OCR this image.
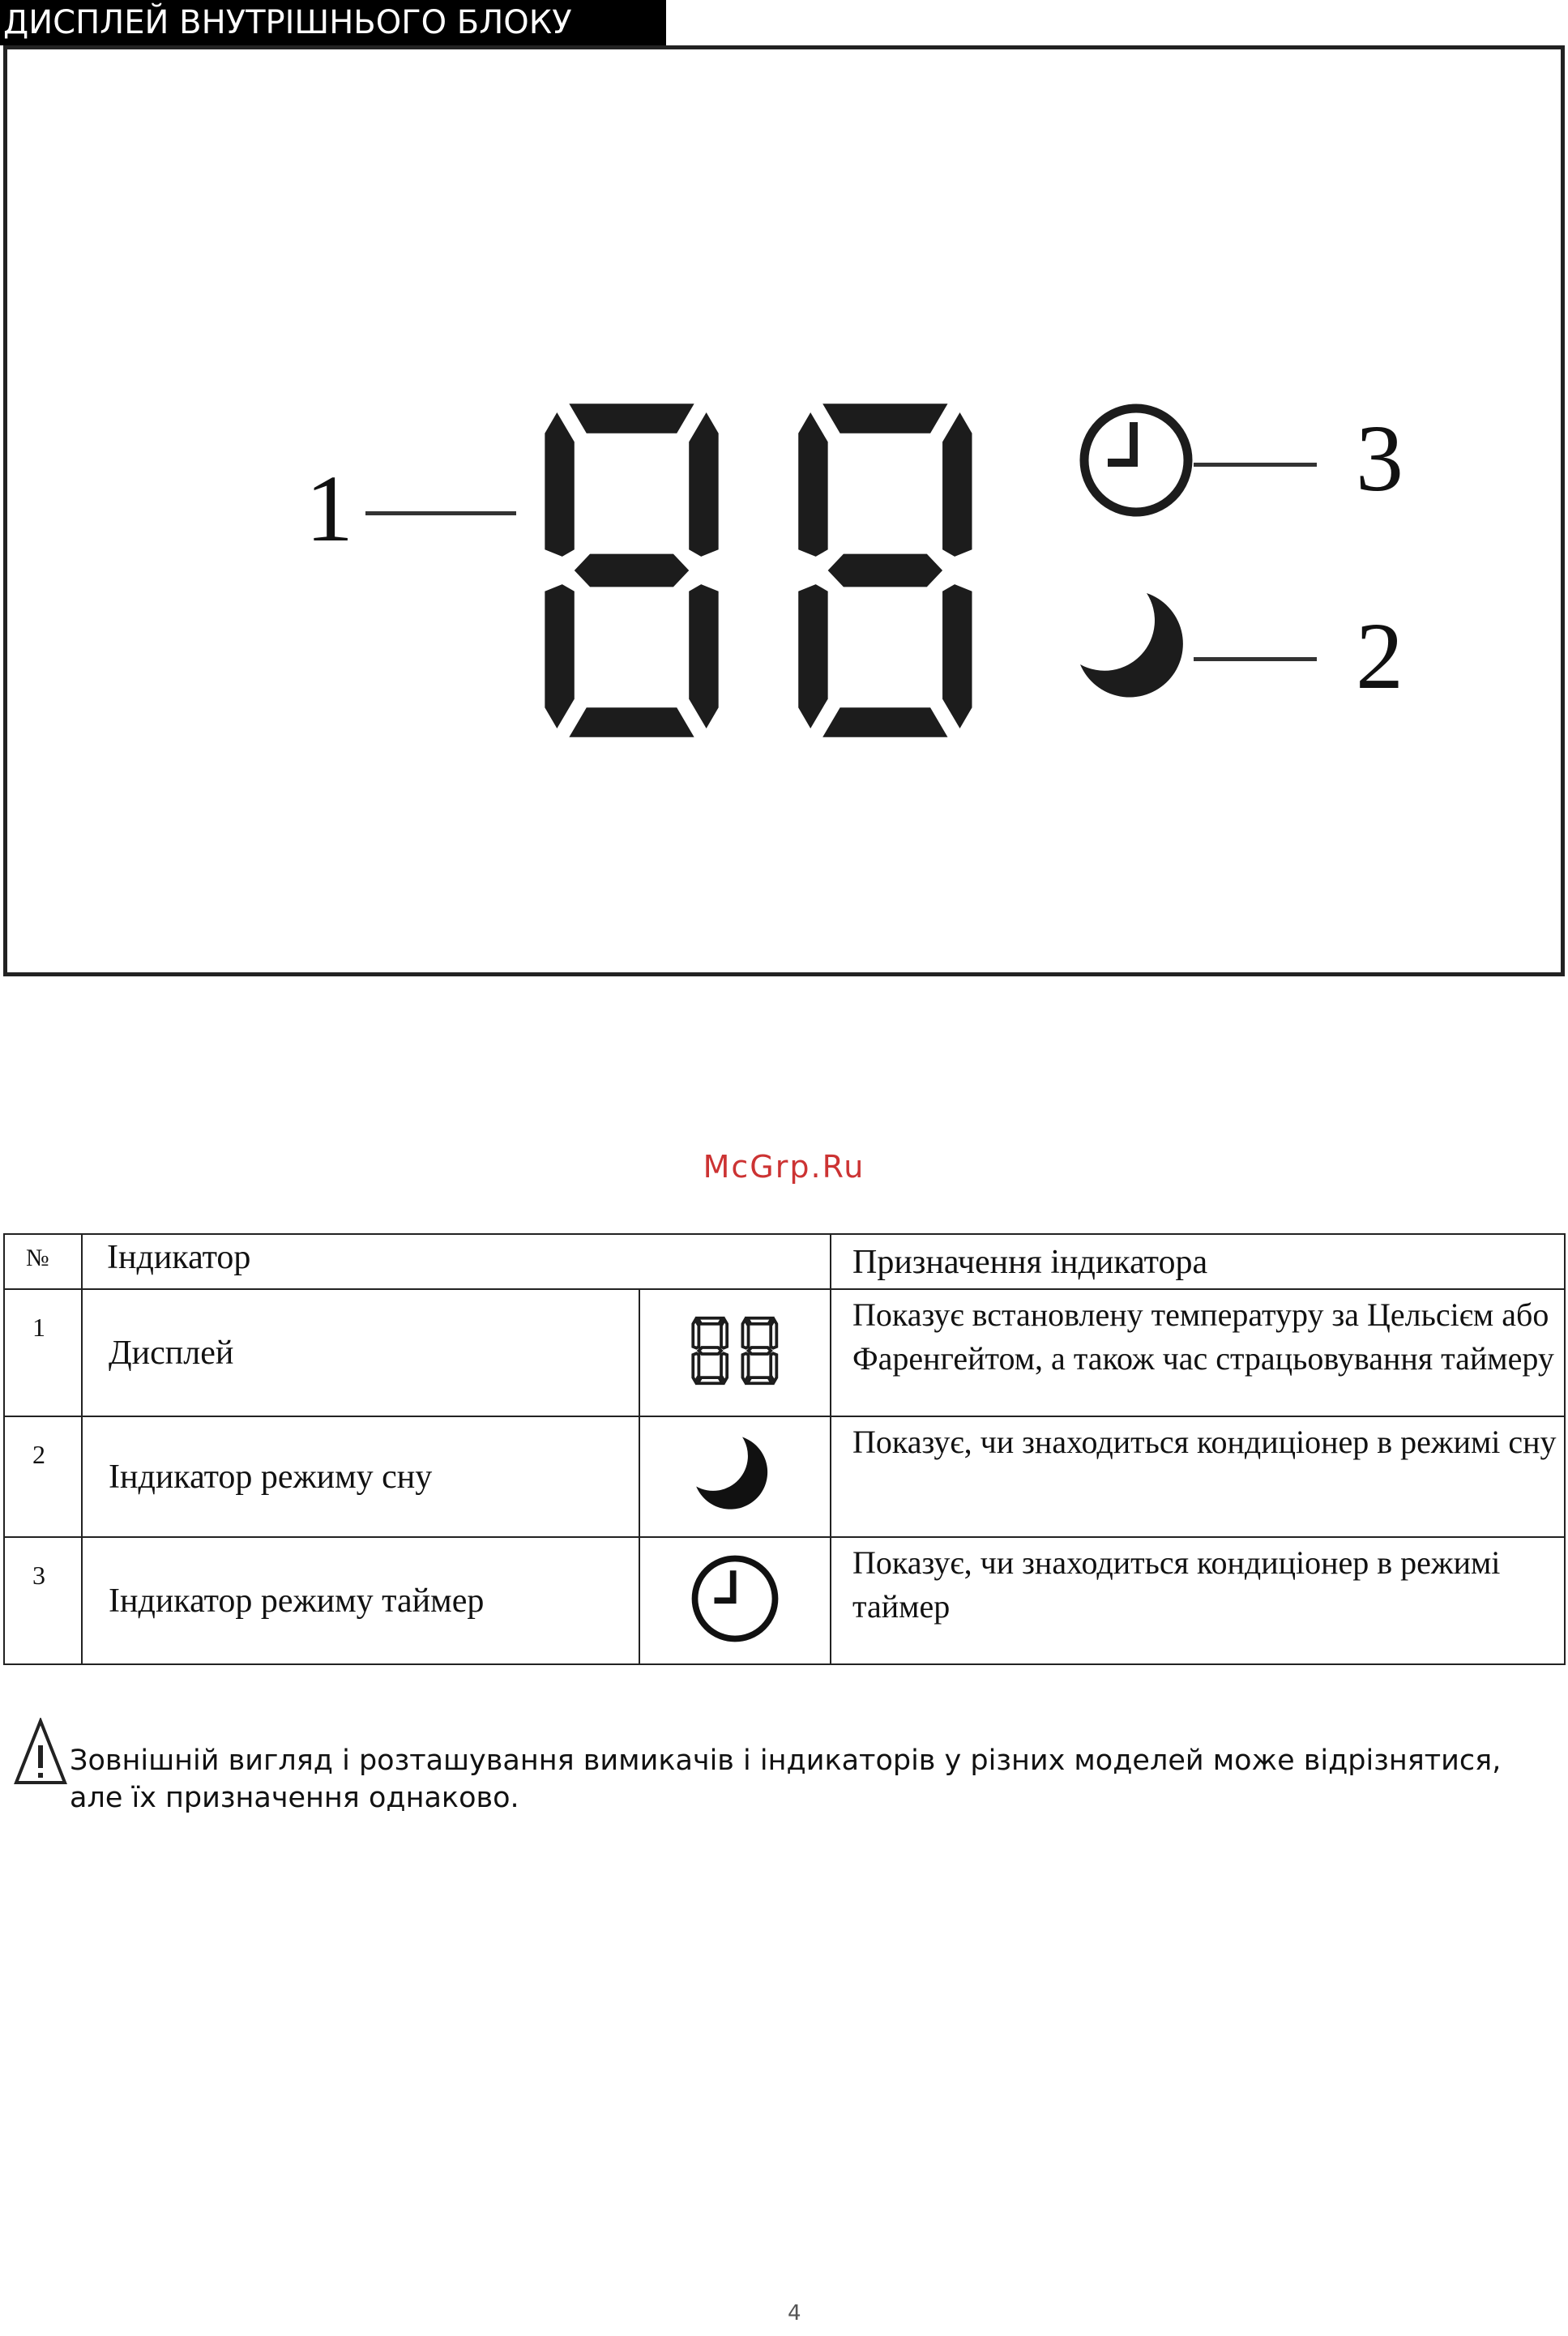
ДИСПЛЕЙ ВНУТРІШНЬОГО БЛОКУ
1	3
2
McGrp.Ru
№	Індикатор		Призначення індикатора
1	Дисплей		Показує встановлену температуру за Цельсієм або Фаренгейтом, а також час страцьовування таймеру
2	Індикатор режиму сну		Показує, чи знаходиться кондиціонер в режимі сну
3	Індикатор режиму таймер		Показує, чи знаходиться кондиціонер в режимі таймер
Зовнішній вигляд і розташування вимикачів і індикаторів у різних моделей може відрізнятися, але їх призначення однаково.
4
